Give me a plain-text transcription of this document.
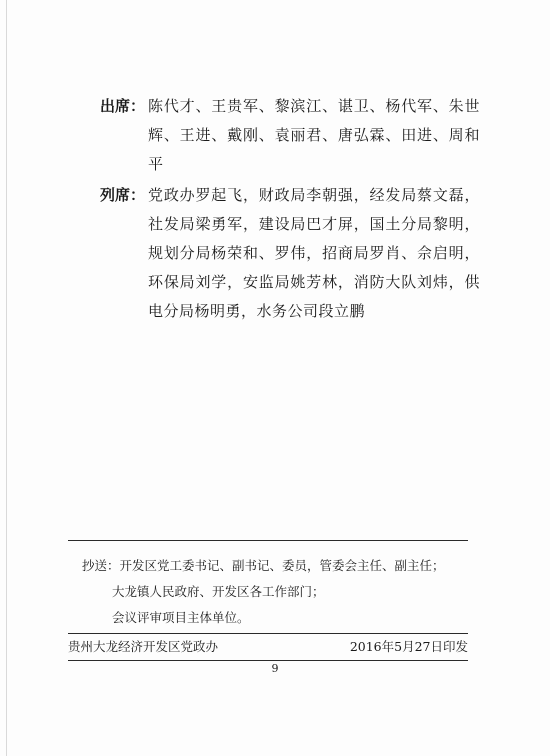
出席： 陈代才、王贵军、黎滨江、谌卫、杨代军、朱世辉、王进、戴刚、袁丽君、唐弘霖、田进、周和平
列席： 党政办罗起飞，财政局李朝强，经发局蔡文磊，社发局梁勇军，建设局巴才屏，国土分局黎明，规划分局杨荣和、罗伟，招商局罗肖、佘启明，环保局刘学，安监局姚芳林，消防大队刘炜，供电分局杨明勇，水务公司段立鹏
抄送：开发区党工委书记、副书记、委员，管委会主任、副主任；
大龙镇人民政府、开发区各工作部门；
会议评审项目主体单位。
贵州大龙经济开发区党政办	2016年5月27日印发
9
